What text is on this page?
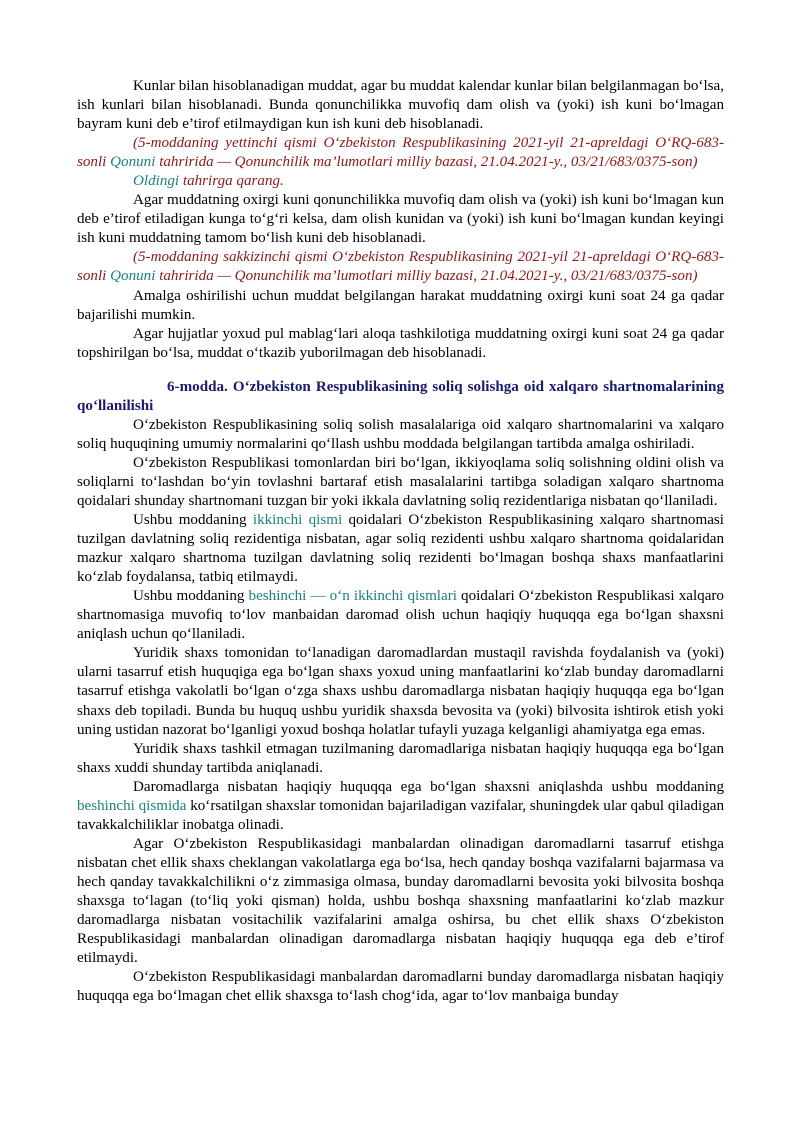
Kunlar bilan hisoblanadigan muddat, agar bu muddat kalendar kunlar bilan belgilanmagan bo‘lsa, ish kunlari bilan hisoblanadi. Bunda qonunchilikka muvofiq dam olish va (yoki) ish kuni bo‘lmagan bayram kuni deb e’tirof etilmaydigan kun ish kuni deb hisoblanadi.

(5-moddaning yettinchi qismi O‘zbekiston Respublikasining 2021-yil 21-apreldagi O‘RQ-683-sonli Qonuni tahririda — Qonunchilik ma’lumotlari milliy bazasi, 21.04.2021-y., 03/21/683/0375-son)

Oldingi tahrirga qarang.

Agar muddatning oxirgi kuni qonunchilikka muvofiq dam olish va (yoki) ish kuni bo‘lmagan kun deb e’tirof etiladigan kunga to‘g‘ri kelsa, dam olish kunidan va (yoki) ish kuni bo‘lmagan kundan keyingi ish kuni muddatning tamom bo‘lish kuni deb hisoblanadi.

(5-moddaning sakkizinchi qismi O‘zbekiston Respublikasining 2021-yil 21-apreldagi O‘RQ-683-sonli Qonuni tahririda — Qonunchilik ma’lumotlari milliy bazasi, 21.04.2021-y., 03/21/683/0375-son)

Amalga oshirilishi uchun muddat belgilangan harakat muddatning oxirgi kuni soat 24 ga qadar bajarilishi mumkin.

Agar hujjatlar yoxud pul mablag‘lari aloqa tashkilotiga muddatning oxirgi kuni soat 24 ga qadar topshirilgan bo‘lsa, muddat o‘tkazib yuborilmagan deb hisoblanadi.

6-modda. O‘zbekiston Respublikasining soliq solishga oid xalqaro shartnomalarining qo‘llanilishi

O‘zbekiston Respublikasining soliq solish masalalariga oid xalqaro shartnomalarini va xalqaro soliq huquqining umumiy normalarini qo‘llash ushbu moddada belgilangan tartibda amalga oshiriladi.

O‘zbekiston Respublikasi tomonlardan biri bo‘lgan, ikkiyoqlama soliq solishning oldini olish va soliqlarni to‘lashdan bo‘yin tovlashni bartaraf etish masalalarini tartibga soladigan xalqaro shartnoma qoidalari shunday shartnomani tuzgan bir yoki ikkala davlatning soliq rezidentlariga nisbatan qo‘llaniladi.

Ushbu moddaning ikkinchi qismi qoidalari O‘zbekiston Respublikasining xalqaro shartnomasi tuzilgan davlatning soliq rezidentiga nisbatan, agar soliq rezidenti ushbu xalqaro shartnoma qoidalaridan mazkur xalqaro shartnoma tuzilgan davlatning soliq rezidenti bo‘lmagan boshqa shaxs manfaatlarini ko‘zlab foydalansa, tatbiq etilmaydi.

Ushbu moddaning beshinchi — o‘n ikkinchi qismlari qoidalari O‘zbekiston Respublikasi xalqaro shartnomasiga muvofiq to‘lov manbaidan daromad olish uchun haqiqiy huquqqa ega bo‘lgan shaxsni aniqlash uchun qo‘llaniladi.

Yuridik shaxs tomonidan to‘lanadigan daromadlardan mustaqil ravishda foydalanish va (yoki) ularni tasarruf etish huquqiga ega bo‘lgan shaxs yoxud uning manfaatlarini ko‘zlab bunday daromadlarni tasarruf etishga vakolatli bo‘lgan o‘zga shaxs ushbu daromadlarga nisbatan haqiqiy huquqqa ega bo‘lgan shaxs deb topiladi. Bunda bu huquq ushbu yuridik shaxsda bevosita va (yoki) bilvosita ishtirok etish yoki uning ustidan nazorat bo‘lganligi yoxud boshqa holatlar tufayli yuzaga kelganligi ahamiyatga ega emas.

Yuridik shaxs tashkil etmagan tuzilmaning daromadlariga nisbatan haqiqiy huquqqa ega bo‘lgan shaxs xuddi shunday tartibda aniqlanadi.

Daromadlarga nisbatan haqiqiy huquqqa ega bo‘lgan shaxsni aniqlashda ushbu moddaning beshinchi qismida ko‘rsatilgan shaxslar tomonidan bajariladigan vazifalar, shuningdek ular qabul qiladigan tavakkalchiliklar inobatga olinadi.

Agar O‘zbekiston Respublikasidagi manbalardan olinadigan daromadlarni tasarruf etishga nisbatan chet ellik shaxs cheklangan vakolatlarga ega bo‘lsa, hech qanday boshqa vazifalarni bajarmasa va hech qanday tavakkalchilikni o‘z zimmasiga olmasa, bunday daromadlarni bevosita yoki bilvosita boshqa shaxsga to‘lagan (to‘liq yoki qisman) holda, ushbu boshqa shaxsning manfaatlarini ko‘zlab mazkur daromadlarga nisbatan vositachilik vazifalarini amalga oshirsa, bu chet ellik shaxs O‘zbekiston Respublikasidagi manbalardan olinadigan daromadlarga nisbatan haqiqiy huquqqa ega deb e’tirof etilmaydi.

O‘zbekiston Respublikasidagi manbalardan daromadlarni bunday daromadlarga nisbatan haqiqiy huquqqa ega bo‘lmagan chet ellik shaxsga to‘lash chog‘ida, agar to‘lov manbaiga bunday
